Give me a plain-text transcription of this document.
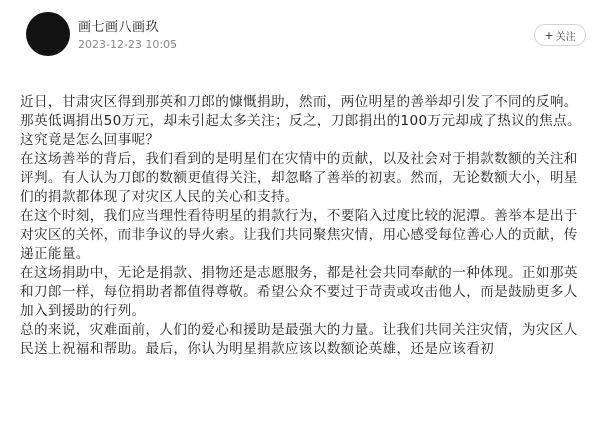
画七画八画玖
2023-12-23 10:05
+ 关注

近日，甘肃灾区得到那英和刀郎的慷慨捐助，然而，两位明星的善举却引发了不同的反响。那英低调捐出50万元，却未引起太多关注；反之，刀郎捐出的100万元却成了热议的焦点。这究竟是怎么回事呢？

在这场善举的背后，我们看到的是明星们在灾情中的贡献，以及社会对于捐款数额的关注和评判。有人认为刀郎的数额更值得关注，却忽略了善举的初衷。然而，无论数额大小，明星们的捐款都体现了对灾区人民的关心和支持。

在这个时刻，我们应当理性看待明星的捐款行为，不要陷入过度比较的泥潭。善举本是出于对灾区的关怀，而非争议的导火索。让我们共同聚焦灾情，用心感受每位善心人的贡献，传递正能量。

在这场捐助中，无论是捐款、捐物还是志愿服务，都是社会共同奉献的一种体现。正如那英和刀郎一样，每位捐助者都值得尊敬。希望公众不要过于苛责或攻击他人，而是鼓励更多人加入到援助的行列。

总的来说，灾难面前，人们的爱心和援助是最强大的力量。让我们共同关注灾情，为灾区人民送上祝福和帮助。最后，你认为明星捐款应该以数额论英雄，还是应该看初
